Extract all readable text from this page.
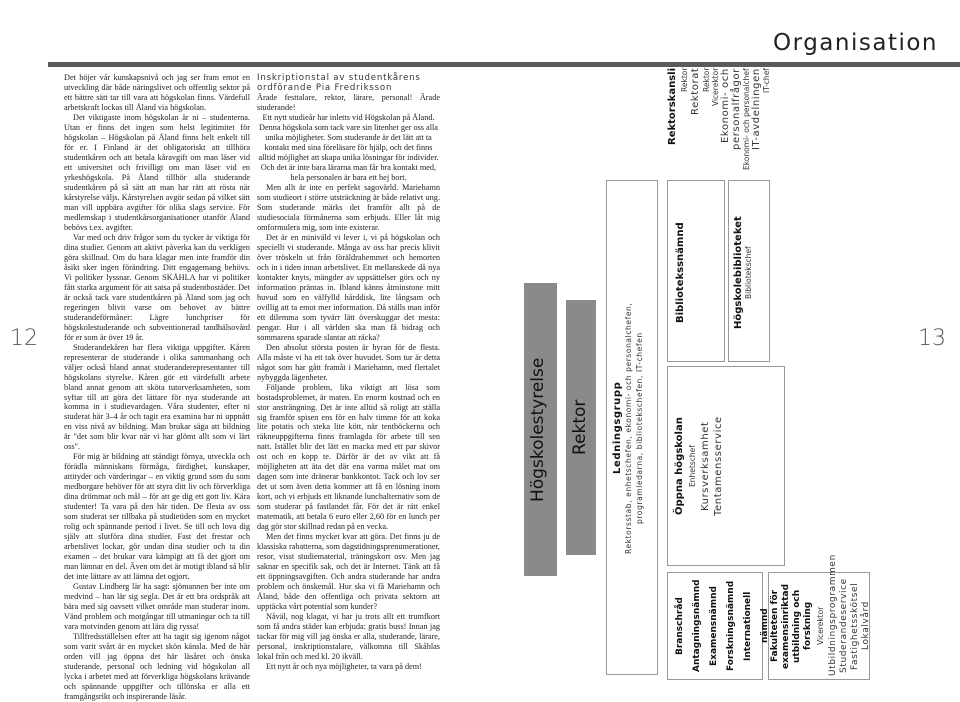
Organisation
12	13

Det höjer vår kunskapsnivå och jag ser fram emot en utveckling där både näringslivet och offentlig sektor på ett bättre sätt tar till vara att högskolan finns. Värdefull arbetskraft lockas till Åland via högskolan.

Det viktigaste inom högskolan är ni – studenterna. Utan er finns det ingen som helst legitimitet för högskolan – Högskolan på Åland finns helt enkelt till för er. I Finland är det obligatoriskt att tillhöra studentkåren och att betala kåravgift om man läser vid ett universitet och frivilligt om man läser vid en yrkeshögskola. På Åland tillhör alla studerande studentkåren på så sätt att man har rätt att rösta när kårstyrelse väljs. Kårstyrelsen avgör sedan på vilket sätt man vill uppbära avgifter för olika slags service. För medlemskap i studentkårsorganisationer utanför Åland behövs t.ex. avgifter.

Var med och driv frågor som du tycker är viktiga för dina studier. Genom att aktivt påverka kan du verkligen göra skillnad. Om du bara klagar men inte framför din åsikt sker ingen förändring. Ditt engagemang behövs. Vi politiker lyssnar. Genom SKÅHLA har vi politiker fått starka argument för att satsa på studentbostäder. Det är också tack vare studentkåren på Åland som jag och regeringen blivit varse om behovet av bättre studerandeförmåner: Lägre lunchpriser för högskolestuderande och subventionerad tandhälsovård för er som är över 19 år.

Studerandekåren har flera viktiga uppgifter. Kåren representerar de studerande i olika sammanhang och väljer också bland annat studeranderepresentanter till högskolans styrelse. Kåren gör ett värdefullt arbete bland annat genom att sköta tutorverksamheten, som syftar till att göra det lättare för nya studerande att komma in i studievardagen. Våra studenter, efter ni studerat här 3–4 år och tagit era examina har ni uppnått en viss nivå av bildning. Man brukar säga att bildning är "det som blir kvar när vi har glömt allt som vi lärt oss".

För mig är bildning att ständigt förnya, utveckla och förädla människans förmåga, färdighet, kunskaper, attityder och värderingar – en viktig grund som du som medborgare behöver för att styra ditt liv och förverkliga dina drömmar och mål – för att ge dig ett gott liv. Kära studenter! Ta vara på den här tiden. De flesta av oss som studerat ser tillbaka på studietiden som en mycket rolig och spännande period i livet. Se till och lova dig själv att slutföra dina studier. Fast det frestar och arbetslivet lockar, gör undan dina studier och ta din examen – det brukar vara kämpigt att få det gjort om man lämnar en del. Även om det är motigt ibland så blir det inte lättare av att lämna det ogjort.

Gustav Lindberg lär ha sagt: sjömannen ber inte om medvind – han lär sig segla. Det är ett bra ordspråk att bära med sig oavsett vilket område man studerar inom. Vänd problem och motgångar till utmaningar och ta till vara motvinden genom att lära dig ryssa!

Tillfredsställelsen efter att ha tagit sig igenom något som varit svårt är en mycket skön känsla. Med de här orden vill jag öppna det här läsåret och önska studerande, personal och ledning vid högskolan all lycka i arbetet med att förverkliga högskolans krävande och spännande uppgifter och tillönska er alla ett framgångsrikt och inspirerande läsår.

Inskriptionstal av studentkårens

ordförande Pia Fredriksson

Ärade festtalare, rektor, lärare, personal! Ärade studerande!

Ett nytt studieår har inletts vid Högskolan på Åland. Denna högskola som tack vare sin litenhet ger oss alla unika möjligheter. Som studerande är det lätt att ta kontakt med sina föreläsare för hjälp, och det finns alltid möjlighet att skapa unika lösningar för individer. Och det är inte bara lärarna man får bra kontakt med, hela personalen är bara ett hej bort.

Men allt är inte en perfekt sagovärld. Mariehamn som studieort i större utsträckning är både relativt ung. Som studerande märks det framför allt på de studiesociala förmånerna som erbjuds. Eller låt mig omformulera mig, som inte existerar.

Det är en miniväld vi lever i, vi på högskolan och speciellt vi studerande. Många av oss har precis klivit över tröskeln ut från föräldrahemmet och hemorten och in i tiden innan arbetslivet. Ett mellanskede då nya kontakter knyts, mängder av uppsättelser görs och ny information präntas in. Ibland känns åtminstone mitt huvud som en välfylld hårddisk, lite långsam och ovillig att ta emot mer information. Då ställs man inför ett dilemma som tyvärr lätt överskuggar det mesta: pengar. Hur i all världen ska man få bidrag och sommarens sparade slantar att räcka?

Den absolut största posten är hyran för de flesta. Alla måste vi ha ett tak över huvudet. Som tur är detta något som har gått framåt i Mariehamn, med flertalet nybyggda lägenheter.

Följande problem, lika viktigt att lösa som bostadsproblemet, är maten. En enorm kostnad och en stor ansträngning. Det är inte alltid så roligt att ställa sig framför spisen ens för en halv timme för att koka lite potatis och steka lite kött, när tentböckerna och räkneuppgifterna finns framlagda för arbete till sen natt. Istället blir det lätt en macka med ett par skivor ost och en kopp te. Därför är det av vikt att få möjligheten att äta det där ena varma målet mat om dagen som inte dränerar bankkontot. Tack och lov ser det ut som även detta kommer att få en lösning inom kort, och vi erbjuds ett liknande lunchalternativ som de som studerar på fastlandet får. För det är rätt enkel matematik, att betala 6 euro eller 2,60 för en lunch per dag gör stor skillnad redan på en vecka.

Men det finns mycket kvar att göra. Det finns ju de klassiska rabatterna, som dagstidningsprenumerationer, resor, visst studiematerial, träningskort osv. Men jag saknar en specifik sak, och det är Internet. Tänk att få ett öppningsavgiften. Och andra studerande har andra problem och önskemål. Hur ska vi få Mariehamn och Åland, både den offentliga och privata sektorn att upptäcka vårt potential som kunder?

Nåväl, nog klagat, vi har ju trots allt ett trumfkort som få andra städer kan erbjuda: gratis buss! Innan jag tackar för mig vill jag önska er alla, studerande, lärare, personal, inskriptionstalare, välkomna till Skåhlas lokal från och med kl. 20 ikväll.

Ett nytt år och nya möjligheter, ta vara på dem!

Högskolestyrelse Rektor Ledningsgrupp Rektorsstab, enhetschefen, ekonomi- och personalchefen, programledarna, bibliotekschefen, IT-chefen
Bibliotekssnämnd	Högskolebiblioteket Bibliotekschef
Rektorskansli Rektor Rektorat Rektor Vicerektor Ekonomi- och personalfrågor Ekonomi- och personalchef IT-avdelningen IT-chef
Öppna högskolan Enhetschef Kursverksamhet Tentamensservice
Branschråd Antagningsnämnd Examensnämnd Forskningsnämnd Internationell nämnd Fakulteten för examensinriktad utbildning och forskning Vicerektor Utbildningsprogrammen Studerandeservice Fastighetsskötsel Lokalvård
